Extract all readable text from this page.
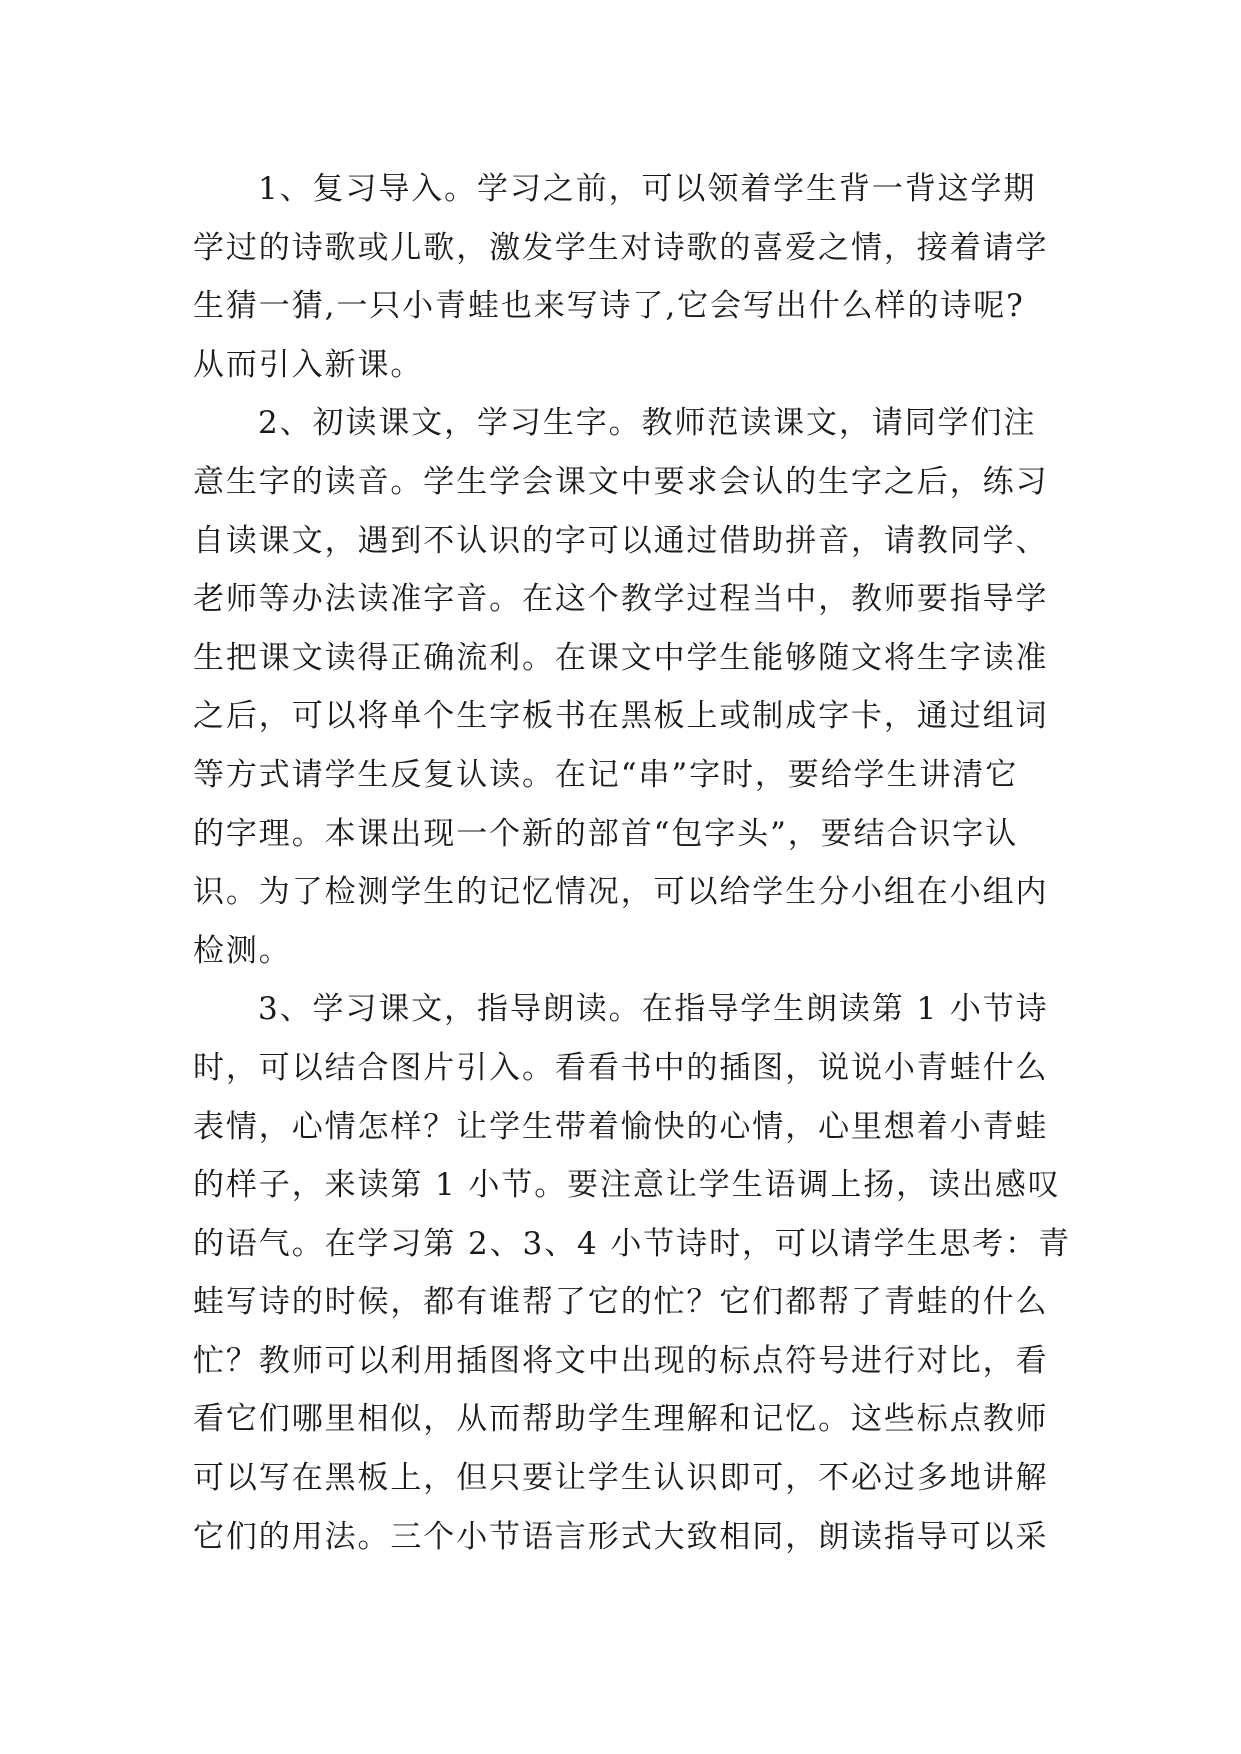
1、复习导入。学习之前，可以领着学生背一背这学期
学过的诗歌或儿歌，激发学生对诗歌的喜爱之情，接着请学
生猜一猜,一只小青蛙也来写诗了,它会写出什么样的诗呢?
从而引入新课。
2、初读课文，学习生字。教师范读课文，请同学们注
意生字的读音。学生学会课文中要求会认的生字之后，练习
自读课文，遇到不认识的字可以通过借助拼音，请教同学、
老师等办法读准字音。在这个教学过程当中，教师要指导学
生把课文读得正确流利。在课文中学生能够随文将生字读准
之后，可以将单个生字板书在黑板上或制成字卡，通过组词
等方式请学生反复认读。在记“串”字时，要给学生讲清它
的字理。本课出现一个新的部首“包字头”，要结合识字认
识。为了检测学生的记忆情况，可以给学生分小组在小组内
检测。
3、学习课文，指导朗读。在指导学生朗读第 1 小节诗
时，可以结合图片引入。看看书中的插图，说说小青蛙什么
表情，心情怎样？让学生带着愉快的心情，心里想着小青蛙
的样子，来读第 1 小节。要注意让学生语调上扬，读出感叹
的语气。在学习第 2、3、4 小节诗时，可以请学生思考：青
蛙写诗的时候，都有谁帮了它的忙？它们都帮了青蛙的什么
忙？教师可以利用插图将文中出现的标点符号进行对比，看
看它们哪里相似，从而帮助学生理解和记忆。这些标点教师
可以写在黑板上，但只要让学生认识即可，不必过多地讲解
它们的用法。三个小节语言形式大致相同，朗读指导可以采
